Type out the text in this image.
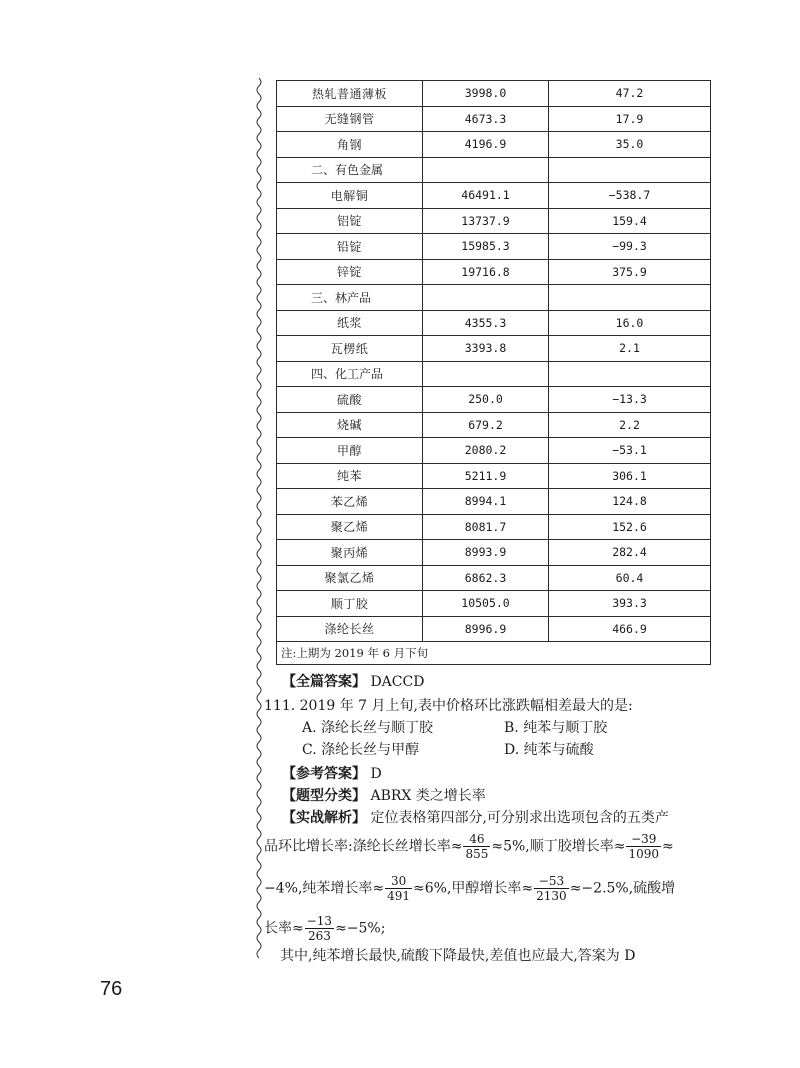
热轧普通薄板	3998.0	47.2
无缝钢管	4673.3	17.9
角钢	4196.9	35.0
二、有色金属		
电解铜	46491.1	−538.7
铝锭	13737.9	159.4
铅锭	15985.3	−99.3
锌锭	19716.8	375.9
三、林产品		
纸浆	4355.3	16.0
瓦楞纸	3393.8	2.1
四、化工产品		
硫酸	250.0	−13.3
烧碱	679.2	2.2
甲醇	2080.2	−53.1
纯苯	5211.9	306.1
苯乙烯	8994.1	124.8
聚乙烯	8081.7	152.6
聚丙烯	8993.9	282.4
聚氯乙烯	6862.3	60.4
顺丁胶	10505.0	393.3
涤纶长丝	8996.9	466.9
注:上期为 2019 年 6 月下旬		
【全篇答案】 DACCD
111. 2019 年 7 月上旬,表中价格环比涨跌幅相差最大的是:
A. 涤纶长丝与顺丁胶	B. 纯苯与顺丁胶
C. 涤纶长丝与甲醇	D. 纯苯与硫酸
【参考答案】 D
【题型分类】 ABRX 类之增长率
【实战解析】 定位表格第四部分,可分别求出选项包含的五类产
品环比增长率:涤纶长丝增长率≈ $\frac{46}{855} \approx 5\%$,顺丁胶增长率≈ $\frac{-39}{1090}$ ≈
−4%,纯苯增长率≈ $\frac{30}{491} \approx 6\%$,甲醇增长率≈ $\frac{-53}{2130} \approx-2.5\%$,硫酸增
长率≈ $\frac{-13}{263} \approx-5\%$;
其中,纯苯增长最快,硫酸下降最快,差值也应最大,答案为 D
76
